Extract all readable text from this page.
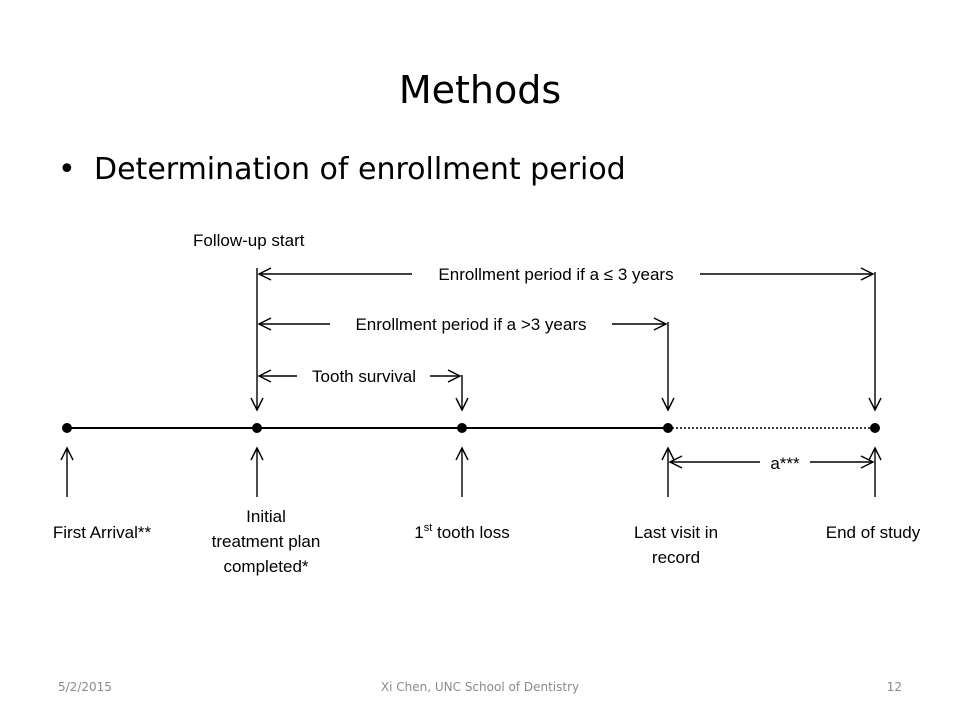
Methods
• Determination of enrollment period
Follow-up start
Enrollment period if a ≤ 3 years
Enrollment period if a >3 years
Tooth survival
a***
First Arrival**
Initial
treatment plan
completed*
1st tooth loss	Last visit in
record
End of study
5/2/2015	Xi Chen, UNC School of Dentistry	12
